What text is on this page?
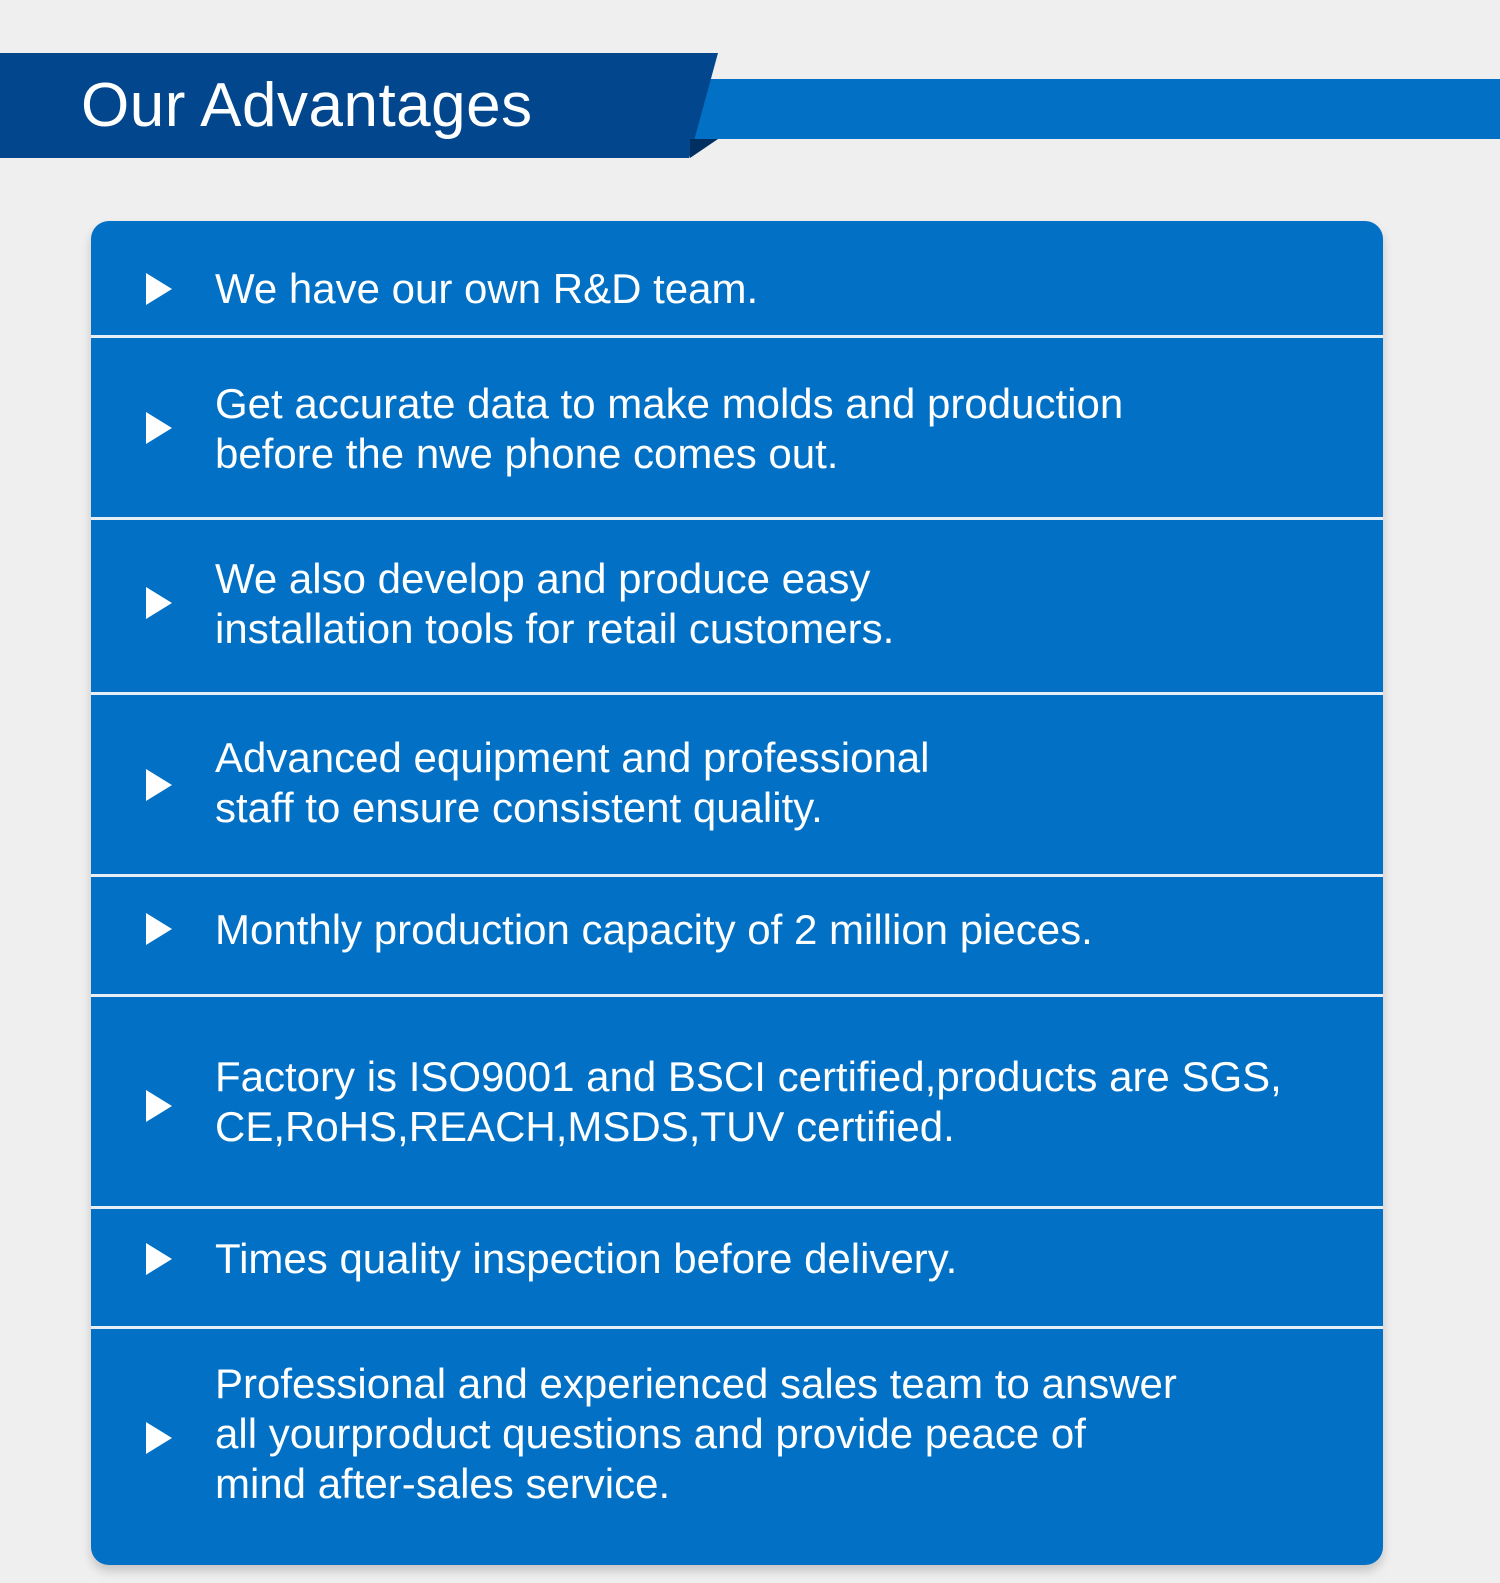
Our Advantages
We have our own R&D team.
Get accurate data to make molds and production
before the nwe phone comes out.
We also develop and produce easy
installation tools for retail customers.
Advanced equipment and professional
staff to ensure consistent quality.
Monthly production capacity of 2 million pieces.
Factory is ISO9001 and BSCI certified,products are SGS,
CE,RoHS,REACH,MSDS,TUV certified.
Times quality inspection before delivery.
Professional and experienced sales team to answer
all yourproduct questions and provide peace of
mind after-sales service.
